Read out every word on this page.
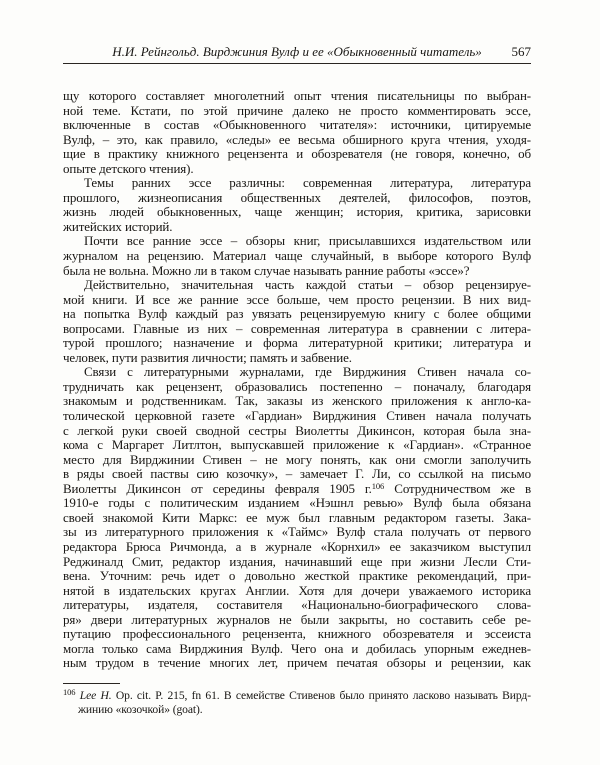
Н.И. Рейнгольд. Вирджиния Вулф и ее «Обыкновенный читатель» 567

щу которого составляет многолетний опыт чтения писательницы по выбран-
ной теме. Кстати, по этой причине далеко не просто комментировать эссе,
включенные в состав «Обыкновенного читателя»: источники, цитируемые
Вулф, – это, как правило, «следы» ее весьма обширного круга чтения, уходя-
щие в практику книжного рецензента и обозревателя (не говоря, конечно, об
опыте детского чтения).

Темы ранних эссе различны: современная литература, литература
прошлого, жизнеописания общественных деятелей, философов, поэтов,
жизнь людей обыкновенных, чаще женщин; история, критика, зарисовки
житейских историй.

Почти все ранние эссе – обзоры книг, присылавшихся издательством или
журналом на рецензию. Материал чаще случайный, в выборе которого Вулф
была не вольна. Можно ли в таком случае называть ранние работы «эссе»?

Действительно, значительная часть каждой статьи – обзор рецензируе-
мой книги. И все же ранние эссе больше, чем просто рецензии. В них вид-
на попытка Вулф каждый раз увязать рецензируемую книгу с более общими
вопросами. Главные из них – современная литература в сравнении с литера-
турой прошлого; назначение и форма литературной критики; литература и
человек, пути развития личности; память и забвение.

Связи с литературными журналами, где Вирджиния Стивен начала со-
трудничать как рецензент, образовались постепенно – поначалу, благодаря
знакомым и родственникам. Так, заказы из женского приложения к англо-ка-
толической церковной газете «Гардиан» Вирджиния Стивен начала получать
с легкой руки своей сводной сестры Виолетты Дикинсон, которая была зна-
кома с Маргарет Литлтон, выпускавшей приложение к «Гардиан». «Странное
место для Вирджинии Стивен – не могу понять, как они смогли заполучить
в ряды своей паствы сию козочку», – замечает Г. Ли, со ссылкой на письмо
Виолетты Дикинсон от середины февраля 1905 г.$^{106}$ Сотрудничеством же в
1910-е годы с политическим изданием «Нэшнл ревью» Вулф была обязана
своей знакомой Кити Маркс: ее муж был главным редактором газеты. Зака-
зы из литературного приложения к «Таймс» Вулф стала получать от первого
редактора Брюса Ричмонда, а в журнале «Корнхил» ее заказчиком выступил
Реджиналд Смит, редактор издания, начинавший еще при жизни Лесли Сти-
вена. Уточним: речь идет о довольно жесткой практике рекомендаций, при-
нятой в издательских кругах Англии. Хотя для дочери уважаемого историка
литературы, издателя, составителя «Национально-биографического слова-
ря» двери литературных журналов не были закрыты, но составить себе ре-
путацию профессионального рецензента, книжного обозревателя и эссеиста
могла только сама Вирджиния Вулф. Чего она и добилась упорным ежеднев-
ным трудом в течение многих лет, причем печатая обзоры и рецензии, как

$^{106}$ Lee H. Op. cit. P. 215, fn 61. В семействе Стивенов было принято ласково называть Вирд-
жинию «козочкой» (goat).
